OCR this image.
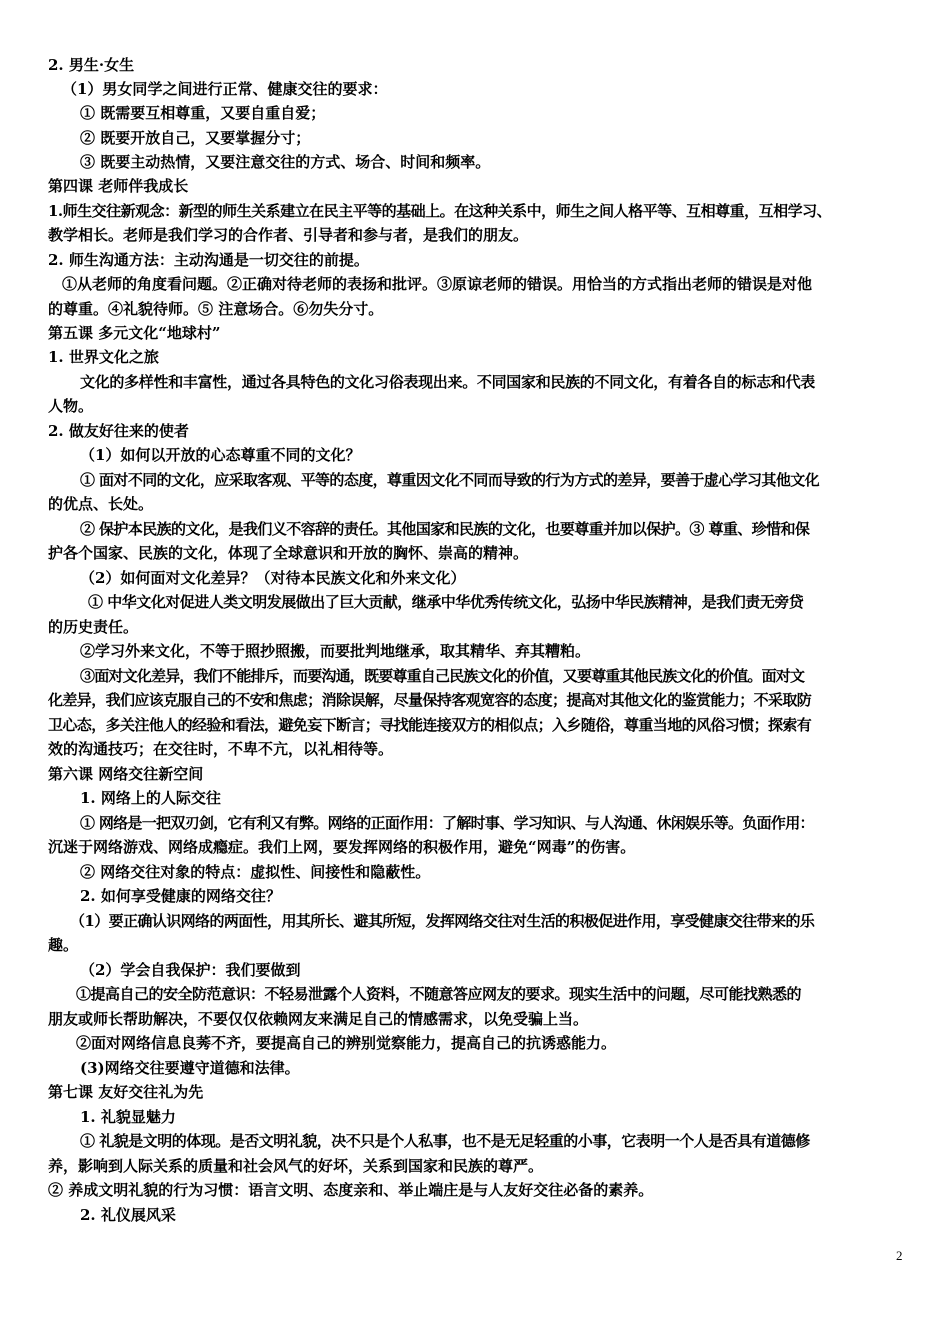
2. 男生·女生
（1）男女同学之间进行正常、健康交往的要求：
① 既需要互相尊重，又要自重自爱；
② 既要开放自己，又要掌握分寸；
③ 既要主动热情，又要注意交往的方式、场合、时间和频率。
第四课 老师伴我成长
1.师生交往新观念：新型的师生关系建立在民主平等的基础上。在这种关系中，师生之间人格平等、互相尊重，互相学习、
教学相长。老师是我们学习的合作者、引导者和参与者，是我们的朋友。
2. 师生沟通方法：主动沟通是一切交往的前提。
①从老师的角度看问题。②正确对待老师的表扬和批评。③原谅老师的错误。用恰当的方式指出老师的错误是对他
的尊重。④礼貌待师。⑤ 注意场合。⑥勿失分寸。
第五课 多元文化“地球村”
1. 世界文化之旅
文化的多样性和丰富性，通过各具特色的文化习俗表现出来。不同国家和民族的不同文化，有着各自的标志和代表
人物。
2. 做友好往来的使者
（1）如何以开放的心态尊重不同的文化？
① 面对不同的文化，应采取客观、平等的态度，尊重因文化不同而导致的行为方式的差异，要善于虚心学习其他文化
的优点、长处。
② 保护本民族的文化，是我们义不容辞的责任。其他国家和民族的文化，也要尊重并加以保护。③ 尊重、珍惜和保
护各个国家、民族的文化，体现了全球意识和开放的胸怀、崇高的精神。
（2）如何面对文化差异？（对待本民族文化和外来文化）
① 中华文化对促进人类文明发展做出了巨大贡献，继承中华优秀传统文化，弘扬中华民族精神，是我们责无旁贷
的历史责任。
②学习外来文化，不等于照抄照搬，而要批判地继承，取其精华、弃其糟粕。
③面对文化差异，我们不能排斥，而要沟通，既要尊重自己民族文化的价值，又要尊重其他民族文化的价值。面对文
化差异，我们应该克服自己的不安和焦虑；消除误解，尽量保持客观宽容的态度；提高对其他文化的鉴赏能力；不采取防
卫心态，多关注他人的经验和看法，避免妄下断言；寻找能连接双方的相似点；入乡随俗，尊重当地的风俗习惯；探索有
效的沟通技巧；在交往时，不卑不亢，以礼相待等。
第六课 网络交往新空间
1. 网络上的人际交往
① 网络是一把双刃剑，它有利又有弊。网络的正面作用：了解时事、学习知识、与人沟通、休闲娱乐等。负面作用：
沉迷于网络游戏、网络成瘾症。我们上网，要发挥网络的积极作用，避免“网毒”的伤害。
② 网络交往对象的特点：虚拟性、间接性和隐蔽性。
2. 如何享受健康的网络交往？
（1）要正确认识网络的两面性，用其所长、避其所短，发挥网络交往对生活的积极促进作用，享受健康交往带来的乐
趣。
（2）学会自我保护：我们要做到
①提高自己的安全防范意识：不轻易泄露个人资料，不随意答应网友的要求。现实生活中的问题，尽可能找熟悉的
朋友或师长帮助解决，不要仅仅依赖网友来满足自己的情感需求，以免受骗上当。
②面对网络信息良莠不齐，要提高自己的辨别觉察能力，提高自己的抗诱惑能力。
(3)网络交往要遵守道德和法律。
第七课 友好交往礼为先
1. 礼貌显魅力
① 礼貌是文明的体现。是否文明礼貌，决不只是个人私事，也不是无足轻重的小事，它表明一个人是否具有道德修
养，影响到人际关系的质量和社会风气的好坏，关系到国家和民族的尊严。
② 养成文明礼貌的行为习惯：语言文明、态度亲和、举止端庄是与人友好交往必备的素养。
2. 礼仪展风采
2
